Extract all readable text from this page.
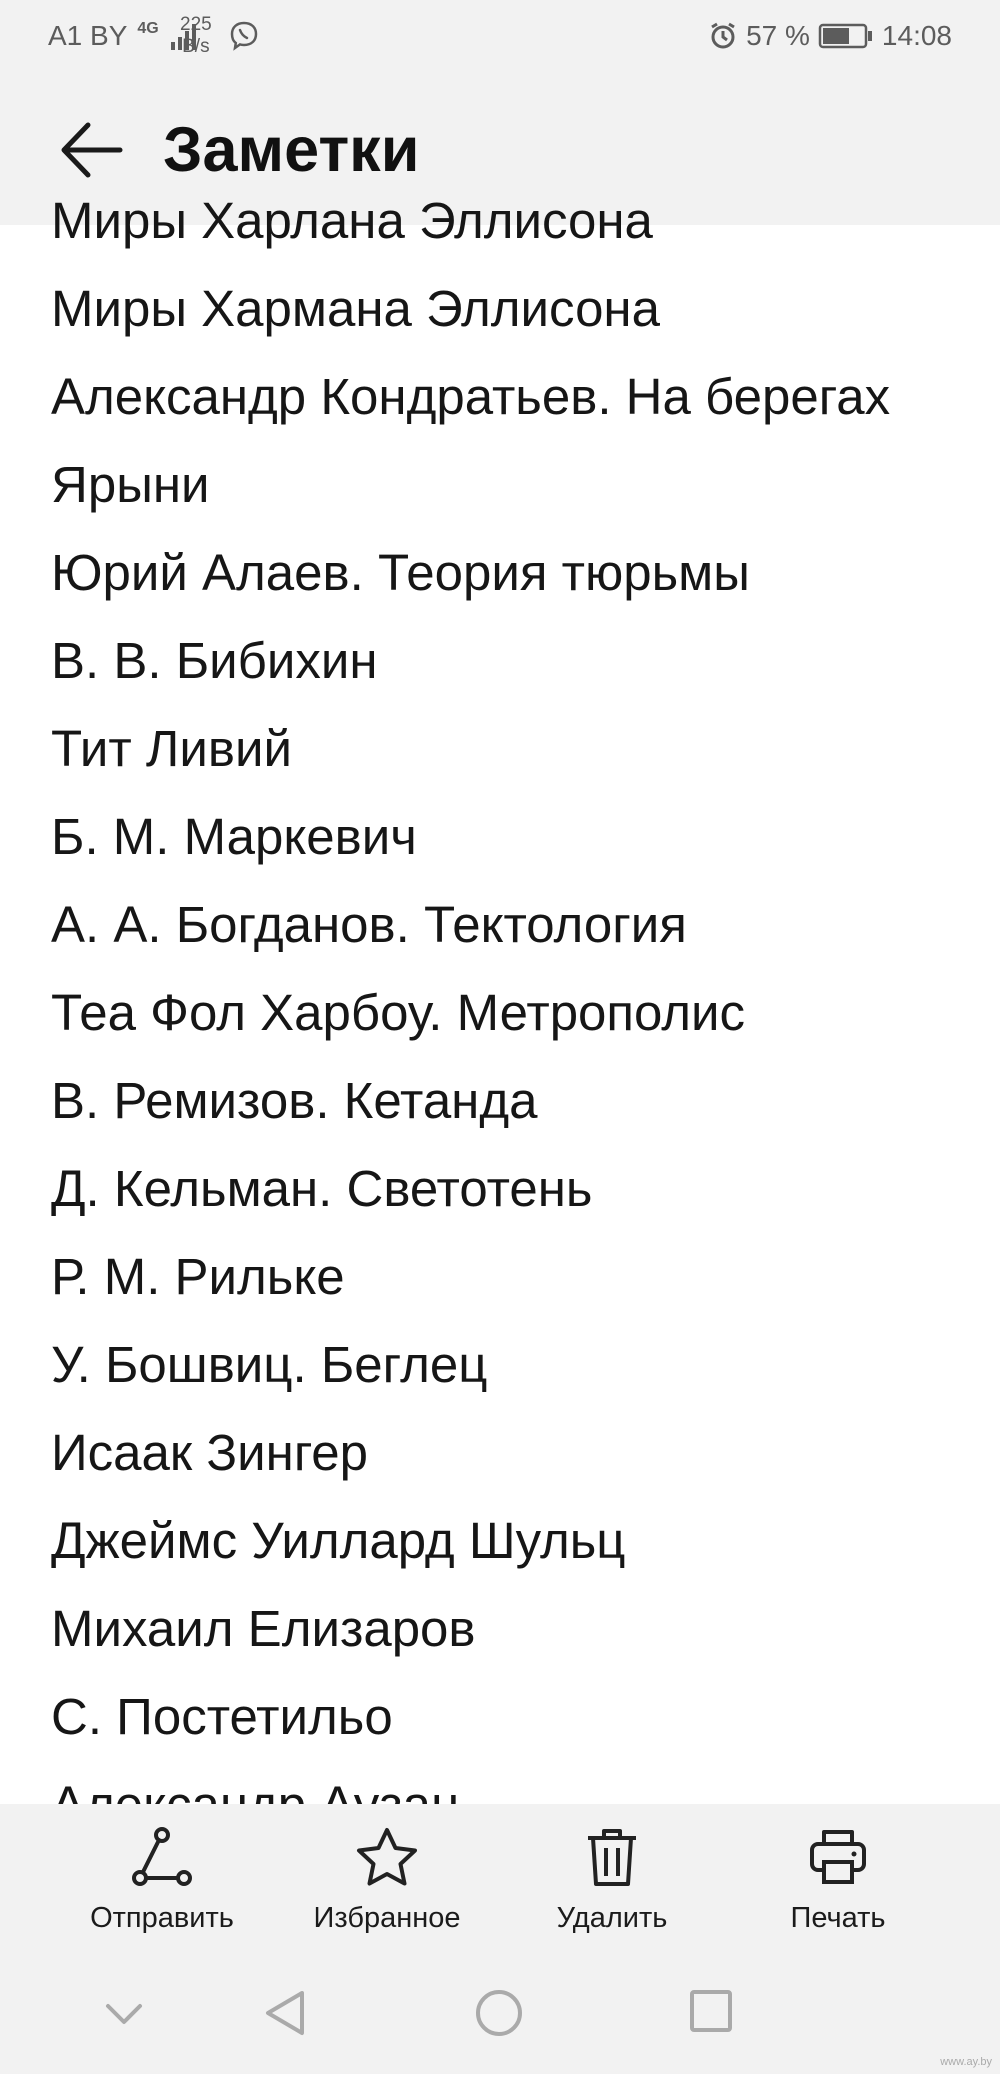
A1 BY 4G 225
B/s	57 %	14:08
Заметки
Миры Харлана Эллисона
Миры Хармана Эллисона
Александр Кондратьев. На берегах
Ярыни
Юрий Алаев. Теория тюрьмы
В. В. Бибихин
Тит Ливий
Б. М. Маркевич
А. А. Богданов. Тектология
Теа Фол Харбоу. Метрополис
В. Ремизов. Кетанда
Д. Кельман. Светотень
Р. М. Рильке
У. Бошвиц. Беглец
Исаак Зингер
Джеймс Уиллард Шульц
Михаил Елизаров
С. Постетильо
Отправить	Избранное	Удалить	Печать
www.ay.by
